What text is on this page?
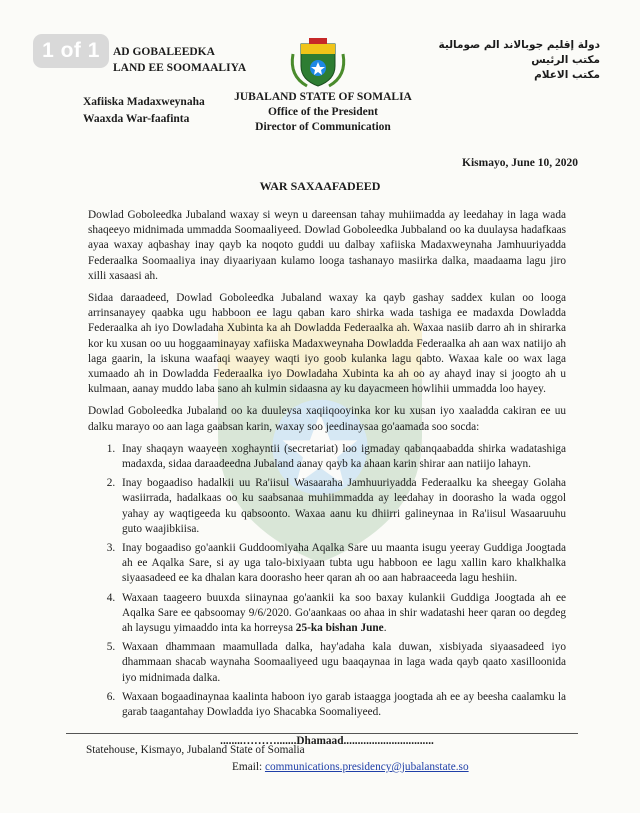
1 of 1	AD GOBALEEDKA
LAND EE SOOMAALIYA
Xafiiska Madaxweynaha
Waaxda War-faafinta
JUBALAND STATE OF SOMALIA
Office of the President
Director of Communication
دولة إقليم جوبالاند الم صومالية
مكتب الرئيس
مكتب الاعلام
Kismayo, June 10, 2020
WAR SAXAAFADEED

Dowlad Goboleedka Jubaland waxay si weyn u dareensan tahay muhiimadda ay leedahay in laga wada shaqeeyo midnimada ummadda Soomaaliyeed. Dowlad Goboleedka Jubbaland oo ka duulaysa hadafkaas ayaa waxay aqbashay inay qayb ka noqoto guddi uu dalbay xafiiska Madaxweynaha Jamhuuriyadda Federaalka Soomaaliya inay diyaariyaan kulamo looga tashanayo masiirka dalka, maadaama lagu jiro xilli xasaasi ah.

Sidaa daraadeed, Dowlad Goboleedka Jubaland waxay ka qayb gashay saddex kulan oo looga arrinsanayey qaabka ugu habboon ee lagu qaban karo shirka wada tashiga ee madaxda Dowladda Federaalka ah iyo Dowladaha Xubinta ka ah Dowladda Federaalka ah. Waxaa nasiib darro ah in shirarka kor ku xusan oo uu hoggaaminayay xafiiska Madaxweynaha Dowladda Federaalka ah aan wax natiijo ah laga gaarin, la iskuna waafaqi waayey waqti iyo goob kulanka lagu qabto. Waxaa kale oo wax laga xumaado ah in Dowladda Federaalka iyo Dowladaha Xubinta ka ah oo ay ahayd inay si joogto ah u kulmaan, aanay muddo laba sano ah kulmin sidaasna ay ku dayacmeen howlihii ummadda loo hayey.

Dowlad Goboleedka Jubaland oo ka duuleysa xaqiiqooyinka kor ku xusan iyo xaaladda cakiran ee uu dalku marayo oo aan laga gaabsan karin, waxay soo jeedinaysaa go'aamada soo socda:

1. Inay shaqayn waayeen xoghayntii (secretariat) loo igmaday qabanqaabadda shirka wadatashiga madaxda, sidaa daraadeedna Jubaland aanay qayb ka ahaan karin shirar aan natiijo lahayn.
2. Inay bogaadiso hadalkii uu Ra'iisul Wasaaraha Jamhuuriyadda Federaalku ka sheegay Golaha wasiirrada, hadalkaas oo ku saabsanaa muhiimmadda ay leedahay in doorasho la wada oggol yahay ay waqtigeeda ku qabsoonto. Waxaa aanu ku dhiirri galineynaa in Ra'iisul Wasaaruuhu guto waajibkiisa.
3. Inay bogaadiso go'aankii Guddoomiyaha Aqalka Sare uu maanta isugu yeeray Guddiga Joogtada ah ee Aqalka Sare, si ay uga talo-bixiyaan tubta ugu habboon ee lagu xallin karo khalkhalka siyaasadeed ee ka dhalan kara doorasho heer qaran ah oo aan habraaceeda lagu heshiin.
4. Waxaan taageero buuxda siinaynaa go'aankii ka soo baxay kulankii Guddiga Joogtada ah ee Aqalka Sare ee qabsoomay 9/6/2020. Go'aankaas oo ahaa in shir wadatashi heer qaran oo degdeg ah laysugu yimaaddo inta ka horreysa 25-ka bishan June.
5. Waxaan dhammaan maamullada dalka, hay'adaha kala duwan, xisbiyada siyaasadeed iyo dhammaan shacab waynaha Soomaaliyeed ugu baaqaynaa in laga wada qayb qaato xasilloonida iyo midnimada dalka.
6. Waxaan bogaadinaynaa kaalinta haboon iyo garab istaagga joogtada ah ee ay beesha caalamku la garab taagantahay Dowladda iyo Shacabka Soomaliyeed.
........……….......Dhamaad................................
Statehouse, Kismayo, Jubaland State of Somalia
Email: communications.presidency@jubalanstate.so
